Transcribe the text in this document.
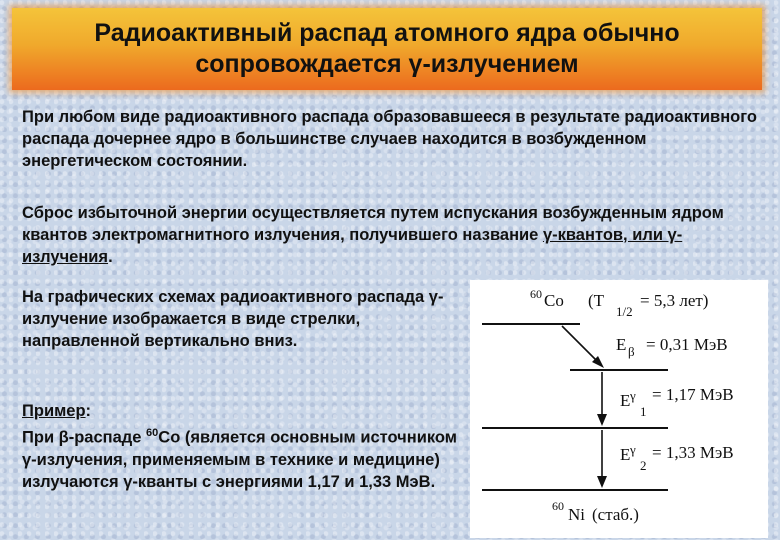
Радиоактивный распад атомного ядра обычно
сопровождается γ-излучением
При любом виде радиоактивного распада образовавшееся в результате радиоактивного распада дочернее ядро в большинстве случаев находится в возбужденном энергетическом состоянии.
Сброс избыточной энергии осуществляется путем испускания возбужденным ядром квантов электромагнитного излучения, получившего название γ-квантов, или γ-излучения.
На графических схемах радиоактивного распада γ-излучение изображается в виде стрелки, направленной вертикально вниз.
Пример:
При β-распаде $^{60}$Co (является основным источником γ‑излучения, применяемым в технике и медицине) излучаются γ‑кванты с энергиями 1,17 и 1,33 МэВ.
60 Co (T
1/2
= 5,3 лет)
E β = 0,31 МэВ
E γ
1
= 1,17 МэВ
E γ
2
= 1,33 МэВ
60 Ni (стаб.)
